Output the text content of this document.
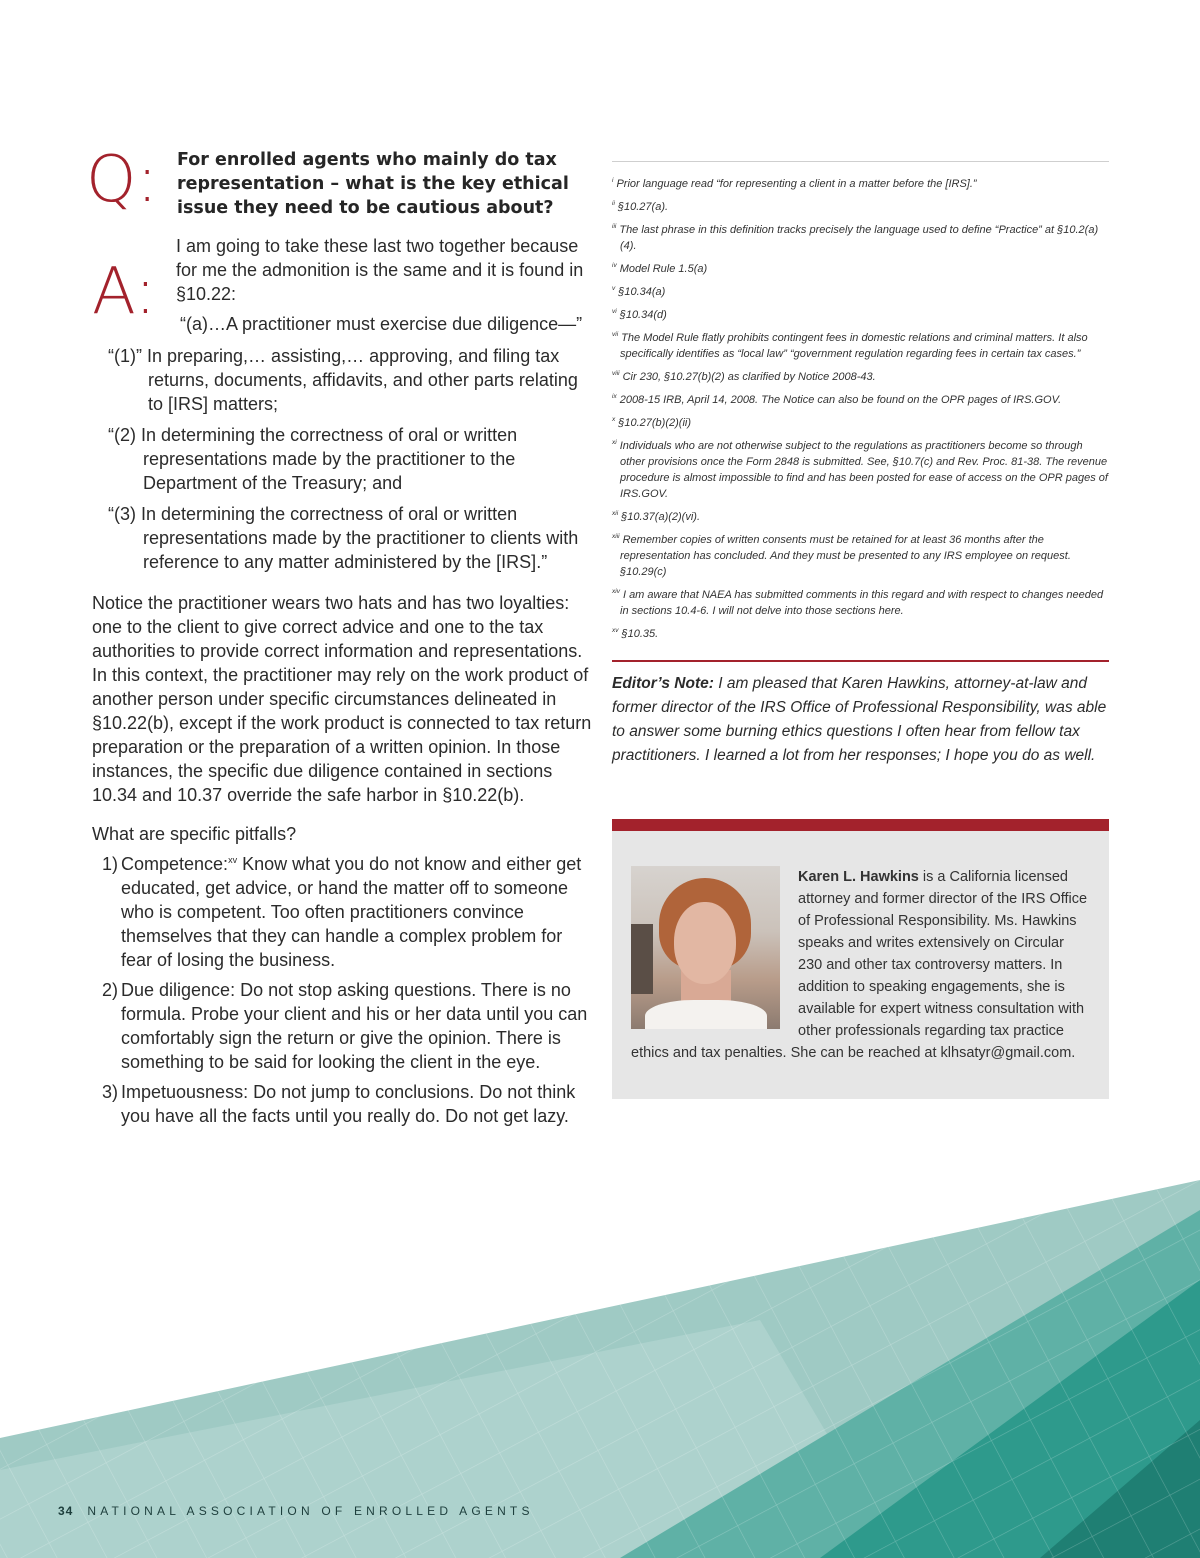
Q: For enrolled agents who mainly do tax representation – what is the key ethical issue they need to be cautious about?
A:
I am going to take these last two together because for me the admonition is the same and it is found in §10.22:
“(a)…A practitioner must exercise due diligence—”
“(1)” In preparing,… assisting,… approving, and filing tax returns, documents, affidavits, and other parts relating to [IRS] matters;
“(2) In determining the correctness of oral or written representations made by the practitioner to the Department of the Treasury; and
“(3) In determining the correctness of oral or written representations made by the practitioner to clients with reference to any matter administered by the [IRS].”

Notice the practitioner wears two hats and has two loyalties: one to the client to give correct advice and one to the tax authorities to provide correct information and representations. In this context, the practitioner may rely on the work product of another person under specific circumstances delineated in §10.22(b), except if the work product is connected to tax return preparation or the preparation of a written opinion. In those instances, the specific due diligence contained in sections 10.34 and 10.37 override the safe harbor in §10.22(b).

What are specific pitfalls?

1) Competence:$^{xv}$ Know what you do not know and either get educated, get advice, or hand the matter off to someone who is competent. Too often practitioners convince themselves that they can handle a complex problem for fear of losing the business.
2) Due diligence: Do not stop asking questions. There is no formula. Probe your client and his or her data until you can comfortably sign the return or give the opinion. There is something to be said for looking the client in the eye.
3) Impetuousness: Do not jump to conclusions. Do not think you have all the facts until you really do. Do not get lazy.

$^i$ Prior language read “for representing a client in a matter before the [IRS].”

$^{ii}$ §10.27(a).

$^{iii}$ The last phrase in this definition tracks precisely the language used to define “Practice” at §10.2(a)(4).

$^{iv}$ Model Rule 1.5(a)

$^v$ §10.34(a)

$^{vi}$ §10.34(d)

$^{vii}$ The Model Rule flatly prohibits contingent fees in domestic relations and criminal matters. It also specifically identifies as “local law” “government regulation regarding fees in certain tax cases.”

$^{viii}$ Cir 230, §10.27(b)(2) as clarified by Notice 2008-43.

$^{ix}$ 2008-15 IRB, April 14, 2008. The Notice can also be found on the OPR pages of IRS.GOV.

$^x$ §10.27(b)(2)(ii)

$^{xi}$ Individuals who are not otherwise subject to the regulations as practitioners become so through other provisions once the Form 2848 is submitted. See, §10.7(c) and Rev. Proc. 81-38. The revenue procedure is almost impossible to find and has been posted for ease of access on the OPR pages of IRS.GOV.

$^{xii}$ §10.37(a)(2)(vi).

$^{xiii}$ Remember copies of written consents must be retained for at least 36 months after the representation has concluded. And they must be presented to any IRS employee on request. §10.29(c)

$^{xiv}$ I am aware that NAEA has submitted comments in this regard and with respect to changes needed in sections 10.4-6. I will not delve into those sections here.

$^{xv}$ §10.35.

Editor’s Note: I am pleased that Karen Hawkins, attorney-at-law and former director of the IRS Office of Professional Responsibility, was able to answer some burning ethics questions I often hear from fellow tax practitioners. I learned a lot from her responses; I hope you do as well.

Karen L. Hawkins is a California licensed attorney and former director of the IRS Office of Professional Responsibility. Ms. Hawkins speaks and writes extensively on Circular 230 and other tax controversy matters. In addition to speaking engagements, she is available for expert witness consultation with other professionals regarding tax practice ethics and tax penalties. She can be reached at klhsatyr@gmail.com.

34 NATIONAL ASSOCIATION OF ENROLLED AGENTS
